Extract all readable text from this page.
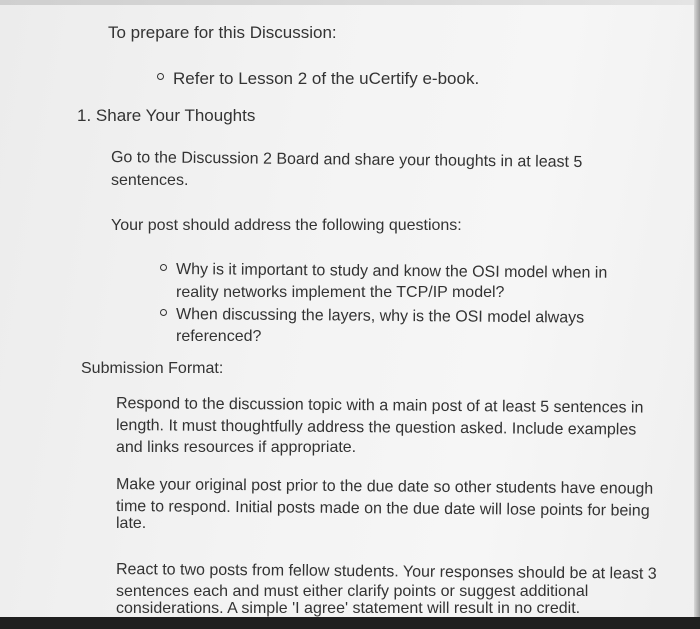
To prepare for this Discussion:
Refer to Lesson 2 of the uCertify e-book.
1. Share Your Thoughts
Go to the Discussion 2 Board and share your thoughts in at least 5
sentences.
Your post should address the following questions:
Why is it important to study and know the OSI model when in
reality networks implement the TCP/IP model?
When discussing the layers, why is the OSI model always
referenced?
Submission Format:
Respond to the discussion topic with a main post of at least 5 sentences in
length. It must thoughtfully address the question asked. Include examples
and links resources if appropriate.
Make your original post prior to the due date so other students have enough
time to respond. Initial posts made on the due date will lose points for being
late.
React to two posts from fellow students. Your responses should be at least 3
sentences each and must either clarify points or suggest additional
considerations. A simple 'I agree' statement will result in no credit.
